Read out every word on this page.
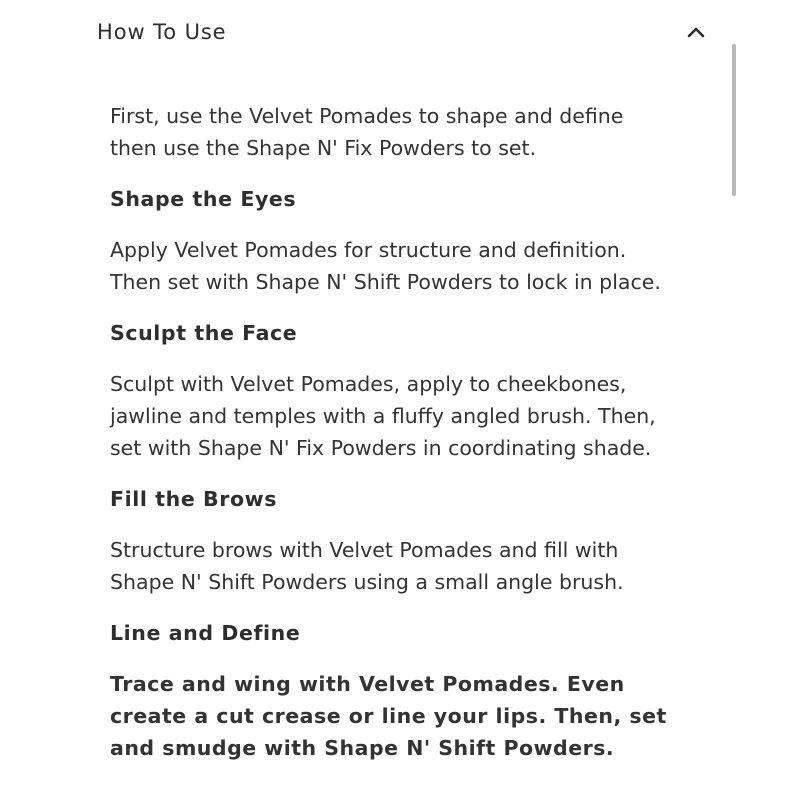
How To Use

First, use the Velvet Pomades to shape and define
then use the Shape N' Fix Powders to set.

Shape the Eyes

Apply Velvet Pomades for structure and definition.
Then set with Shape N' Shift Powders to lock in place.

Sculpt the Face

Sculpt with Velvet Pomades, apply to cheekbones,
jawline and temples with a fluffy angled brush. Then,
set with Shape N' Fix Powders in coordinating shade.

Fill the Brows

Structure brows with Velvet Pomades and fill with
Shape N' Shift Powders using a small angle brush.

Line and Define

Trace and wing with Velvet Pomades. Even
create a cut crease or line your lips. Then, set
and smudge with Shape N' Shift Powders.
